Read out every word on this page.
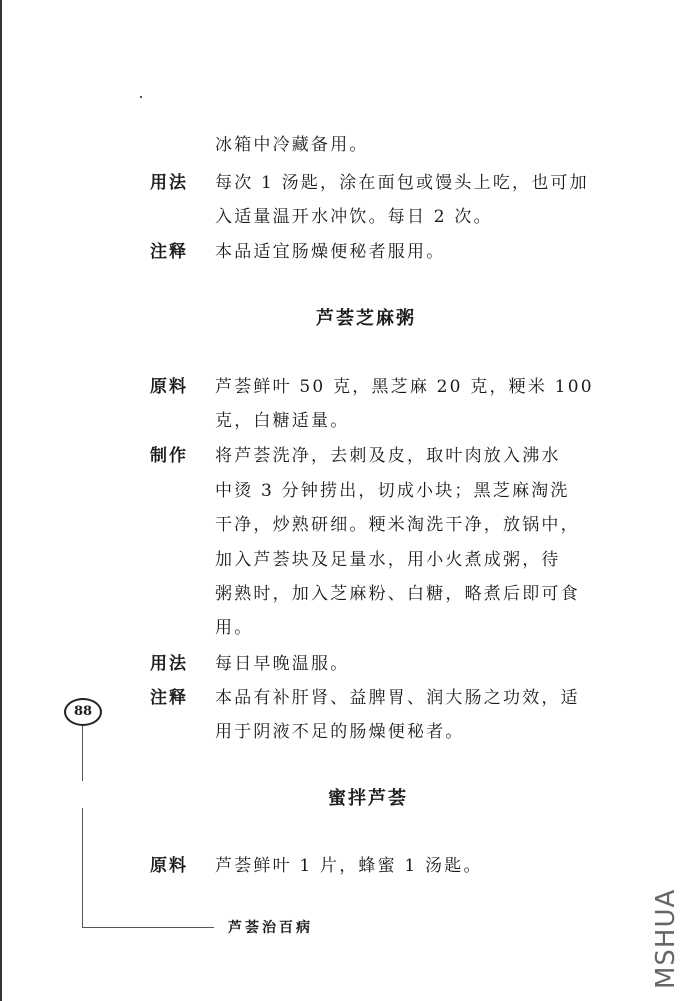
冰箱中冷藏备用。
用法 每次 1 汤匙，涂在面包或馒头上吃，也可加
入适量温开水冲饮。每日 2 次。
注释 本品适宜肠燥便秘者服用。
芦荟芝麻粥
原料 芦荟鲜叶 50 克，黑芝麻 20 克，粳米 100
克，白糖适量。
制作 将芦荟洗净，去刺及皮，取叶肉放入沸水
中烫 3 分钟捞出，切成小块；黑芝麻淘洗
干净，炒熟研细。粳米淘洗干净，放锅中，
加入芦荟块及足量水，用小火煮成粥，待
粥熟时，加入芝麻粉、白糖，略煮后即可食
用。
用法 每日早晚温服。
注释 本品有补肝肾、益脾胃、润大肠之功效，适
用于阴液不足的肠燥便秘者。
蜜拌芦荟
原料 芦荟鲜叶 1 片，蜂蜜 1 汤匙。
88
芦荟治百病	MSHUA
